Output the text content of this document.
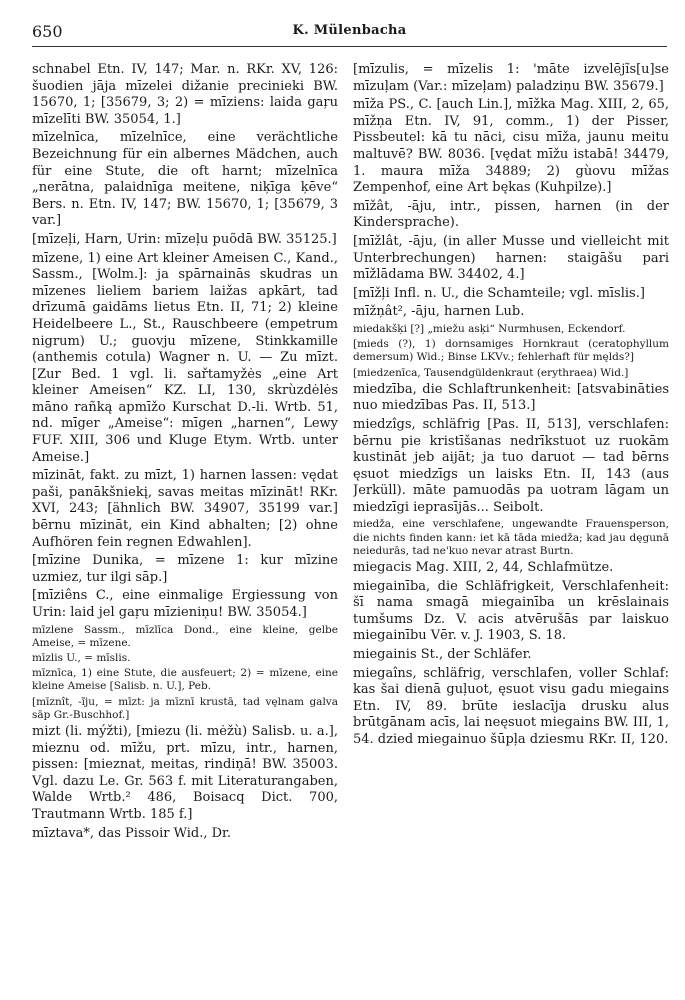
650	K. Mülenbacha

schnabel Etn. IV, 147; Mar. n. RKr. XV, 126: šuodien jāja mīzelei dižanie precinieki BW. 15670, 1; [35679, 3; 2) = mīziens: laida gaŗu mīzelīti BW. 35054, 1.]

mīzelnīca, mīzelnīce, eine verächtliche Bezeichnung für ein albernes Mädchen, auch für eine Stute, die oft harnt; mīzelnīca „nerātna, palaidnīga meitene, niķīga ķēve“ Bers. n. Etn. IV, 147; BW. 15670, 1; [35679, 3 var.]

[mīzeļi, Harn, Urin: mīzeļu puõdā BW. 35125.]

mīzene, 1) eine Art kleiner Ameisen C., Kand., Sassm., [Wolm.]: ja spārnainās skudras un mīzenes lieliem bariem laižas apkārt, tad drīzumā gaidāms lietus Etn. II, 71; 2) kleine Heidelbeere L., St., Rauschbeere (empetrum nigrum) U.; guovju mīzene, Stinkkamille (anthemis cotula) Wagner n. U. — Zu mīzt. [Zur Bed. 1 vgl. li. sařtamyžės „eine Art kleiner Ameisen“ KZ. LI, 130, skrùzdėlės māno rañką apmīžo Kurschat D.-li. Wrtb. 51, nd. mīger „Ameise“: mīgen „harnen“, Lewy FUF. XIII, 306 und Kluge Etym. Wrtb. unter Ameise.]

mīzināt, fakt. zu mīzt, 1) harnen lassen: vędat paši, panākšniekį, savas meitas mīzināt! RKr. XVI, 243; [ähnlich BW. 34907, 35199 var.] bērnu mīzināt, ein Kind abhalten; [2) ohne Aufhören fein regnen Edwahlen].

[mīzine Dunika, = mīzene 1: kur mīzine uzmiez, tur ilgi sāp.]

[mīziêns C., eine einmalige Ergiessung von Urin: laid jel gaŗu mīzieniņu! BW. 35054.]

mīzlene Sassm., mīzlīca Dond., eine kleine, gelbe Ameise, = mīzene.

mīzlis U., = mīslis.

mīznīca, 1) eine Stute, die ausfeuert; 2) = mīzene, eine kleine Ameise [Salisb. n. U.], Peb.

[mīznît, -ĩju, = mīzt: ja mīznī krustā, tad vęlnam galva sāp Gr.-Buschhof.]

mizt (li. mýžti), [miezu (li. mėžù) Salisb. u. a.], mieznu od. mīžu, prt. mīzu, intr., harnen, pissen: [mieznat, meitas, rindiņā! BW. 35003. Vgl. dazu Le. Gr. 563 f. mit Literaturangaben, Walde Wrtb.² 486, Boisacq Dict. 700, Trautmann Wrtb. 185 f.]

mīztava*, das Pissoir Wid., Dr.

[mīzulis, = mīzelis 1: 'māte izvelējĩs[u]se mīzuļam (Var.: mīzeļam) paladziņu BW. 35679.]

mīža PS., C. [auch Lin.], mīžka Mag. XIII, 2, 65, mīžņa Etn. IV, 91, comm., 1) der Pisser, Pissbeutel: kā tu nāci, cisu mīža, jaunu meitu maltuvē? BW. 8036. [vędat mīžu istabā! 34479, 1. maura mīža 34889; 2) gùovu mīžas Zempenhof, eine Art bękas (Kuhpilze).]

mīžât, -āju, intr., pissen, harnen (in der Kindersprache).

[mīžlât, -āju, (in aller Musse und vielleicht mit Unterbrechungen) harnen: staigāšu pari mīžlādama BW. 34402, 4.]

[mīžļi Infl. n. U., die Schamteile; vgl. mīslis.]

mīžņât², -āju, harnen Lub.

miedakšķi [?] „miežu asķi“ Nurmhusen, Eckendorf.

[mieds (?), 1) dornsamiges Hornkraut (ceratophyllum demersum) Wid.; Binse LKVv.; fehlerhaft für męlds?]

[miedzenīca, Tausendgüldenkraut (erythraea) Wid.]

miedzība, die Schlaftrunkenheit: [atsvabināties nuo miedzības Pas. II, 513.]

miedzîgs, schläfrig [Pas. II, 513], verschlafen: bērnu pie kristīšanas nedrīkstuot uz ruokām kustināt jeb aijāt; ja tuo daruot — tad bērns ęsuot miedzīgs un laisks Etn. II, 143 (aus Jerküll). māte pamuodās pa uotram lāgam un miedzīgi ieprasījās... Seibolt.

miedža, eine verschlafene, ungewandte Frauensperson, die nichts finden kann: iet kā tāda miedža; kad jau dęgunā neiedurās, tad ne'kuo nevar atrast Burtn.

miegacis Mag. XIII, 2, 44, Schlafmütze.

miegainība, die Schläfrigkeit, Verschlafenheit: šī nama smagā miegainība un krēslainais tumšums Dz. V. acis atvērušās par laiskuo miegainību Vēr. v. J. 1903, S. 18.

miegainis St., der Schläfer.

miegaîns, schläfrig, verschlafen, voller Schlaf: kas šai dienā guļuot, ęsuot visu gadu miegains Etn. IV, 89. brūte ieslacīja drusku alus brūtgānam acīs, lai neęsuot miegains BW. III, 1, 54. dzied miegainuo šūpļa dziesmu RKr. II, 120.
